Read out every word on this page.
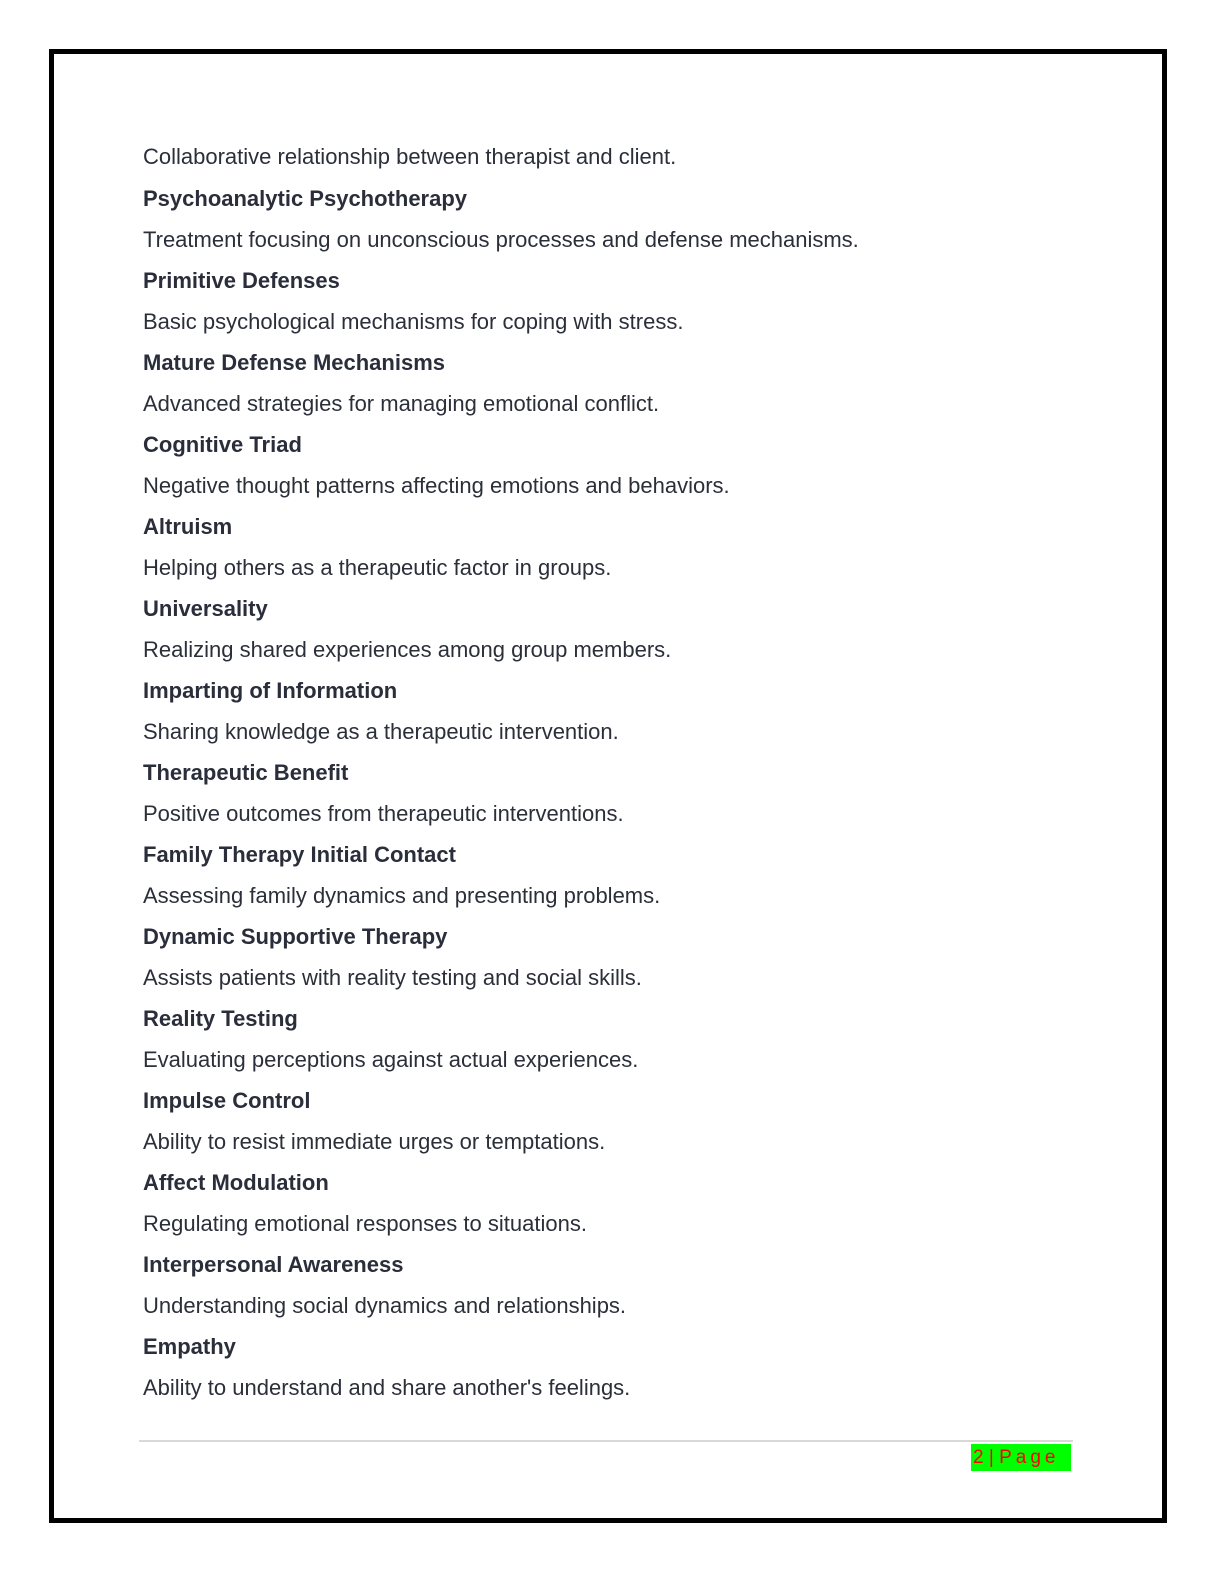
Collaborative relationship between therapist and client.

Psychoanalytic Psychotherapy

Treatment focusing on unconscious processes and defense mechanisms.

Primitive Defenses

Basic psychological mechanisms for coping with stress.

Mature Defense Mechanisms

Advanced strategies for managing emotional conflict.

Cognitive Triad

Negative thought patterns affecting emotions and behaviors.

Altruism

Helping others as a therapeutic factor in groups.

Universality

Realizing shared experiences among group members.

Imparting of Information

Sharing knowledge as a therapeutic intervention.

Therapeutic Benefit

Positive outcomes from therapeutic interventions.

Family Therapy Initial Contact

Assessing family dynamics and presenting problems.

Dynamic Supportive Therapy

Assists patients with reality testing and social skills.

Reality Testing

Evaluating perceptions against actual experiences.

Impulse Control

Ability to resist immediate urges or temptations.

Affect Modulation

Regulating emotional responses to situations.

Interpersonal Awareness

Understanding social dynamics and relationships.

Empathy

Ability to understand and share another's feelings.

2 | Page
